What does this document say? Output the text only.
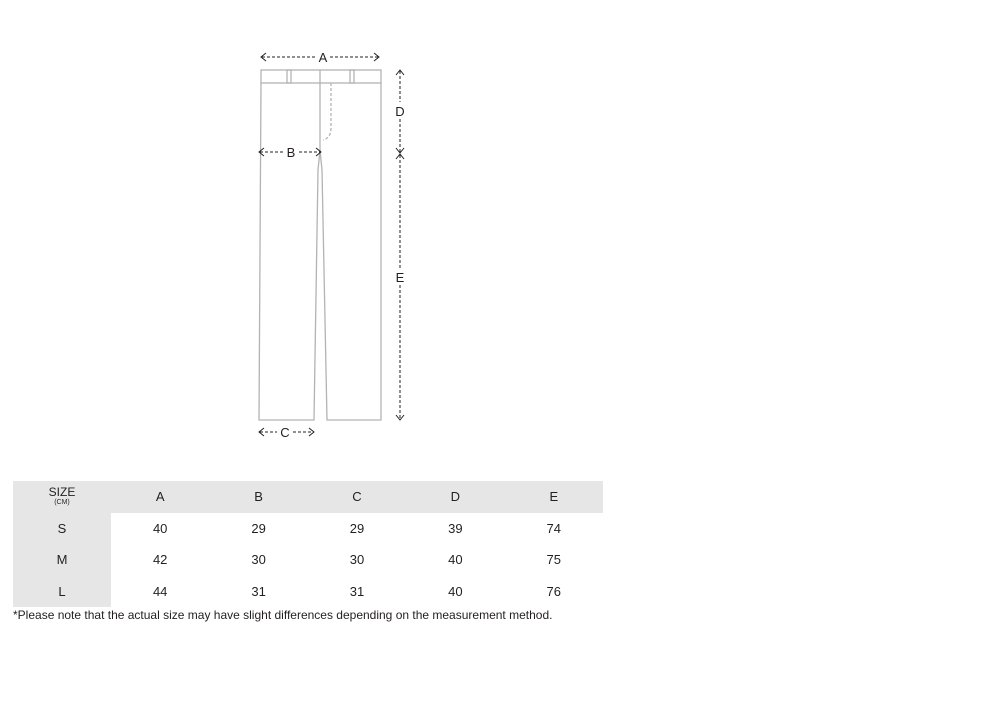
A
B
C
D
E
SIZE
(CM)	A	B	C	D	E
S	40	29	29	39	74
M	42	30	30	40	75
L	44	31	31	40	76
*Please note that the actual size may have slight differences depending on the measurement method.
